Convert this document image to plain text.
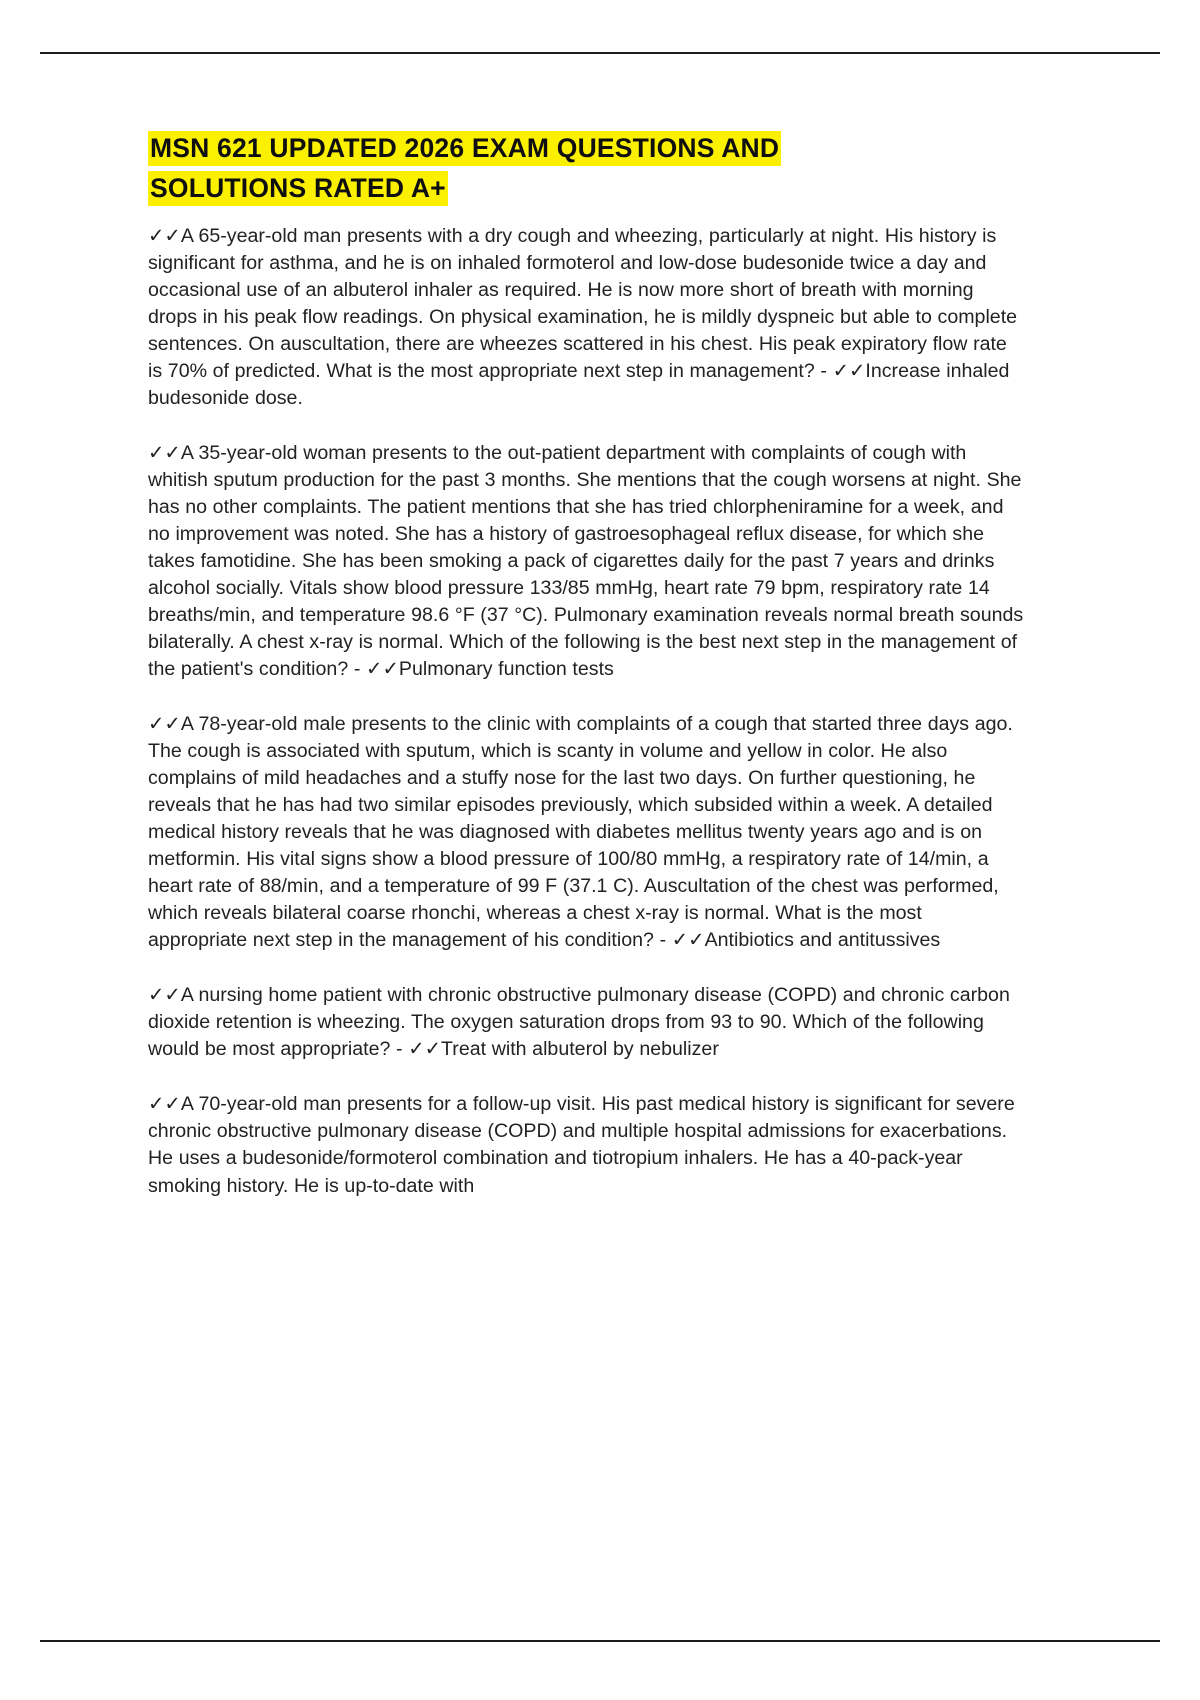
MSN 621 UPDATED 2026 EXAM QUESTIONS AND
SOLUTIONS RATED A+

✓✓A 65-year-old man presents with a dry cough and wheezing, particularly at night. His history is significant for asthma, and he is on inhaled formoterol and low-dose budesonide twice a day and occasional use of an albuterol inhaler as required. He is now more short of breath with morning drops in his peak flow readings. On physical examination, he is mildly dyspneic but able to complete sentences. On auscultation, there are wheezes scattered in his chest. His peak expiratory flow rate is 70% of predicted. What is the most appropriate next step in management? - ✓✓Increase inhaled budesonide dose.

✓✓A 35-year-old woman presents to the out-patient department with complaints of cough with whitish sputum production for the past 3 months. She mentions that the cough worsens at night. She has no other complaints. The patient mentions that she has tried chlorpheniramine for a week, and no improvement was noted. She has a history of gastroesophageal reflux disease, for which she takes famotidine. She has been smoking a pack of cigarettes daily for the past 7 years and drinks alcohol socially. Vitals show blood pressure 133/85 mmHg, heart rate 79 bpm, respiratory rate 14 breaths/min, and temperature 98.6 °F (37 °C). Pulmonary examination reveals normal breath sounds bilaterally. A chest x-ray is normal. Which of the following is the best next step in the management of the patient's condition? - ✓✓Pulmonary function tests

✓✓A 78-year-old male presents to the clinic with complaints of a cough that started three days ago. The cough is associated with sputum, which is scanty in volume and yellow in color. He also complains of mild headaches and a stuffy nose for the last two days. On further questioning, he reveals that he has had two similar episodes previously, which subsided within a week. A detailed medical history reveals that he was diagnosed with diabetes mellitus twenty years ago and is on metformin. His vital signs show a blood pressure of 100/80 mmHg, a respiratory rate of 14/min, a heart rate of 88/min, and a temperature of 99 F (37.1 C). Auscultation of the chest was performed, which reveals bilateral coarse rhonchi, whereas a chest x-ray is normal. What is the most appropriate next step in the management of his condition? - ✓✓Antibiotics and antitussives

✓✓A nursing home patient with chronic obstructive pulmonary disease (COPD) and chronic carbon dioxide retention is wheezing. The oxygen saturation drops from 93 to 90. Which of the following would be most appropriate? - ✓✓Treat with albuterol by nebulizer

✓✓A 70-year-old man presents for a follow-up visit. His past medical history is significant for severe chronic obstructive pulmonary disease (COPD) and multiple hospital admissions for exacerbations. He uses a budesonide/formoterol combination and tiotropium inhalers. He has a 40-pack-year smoking history. He is up-to-date with
